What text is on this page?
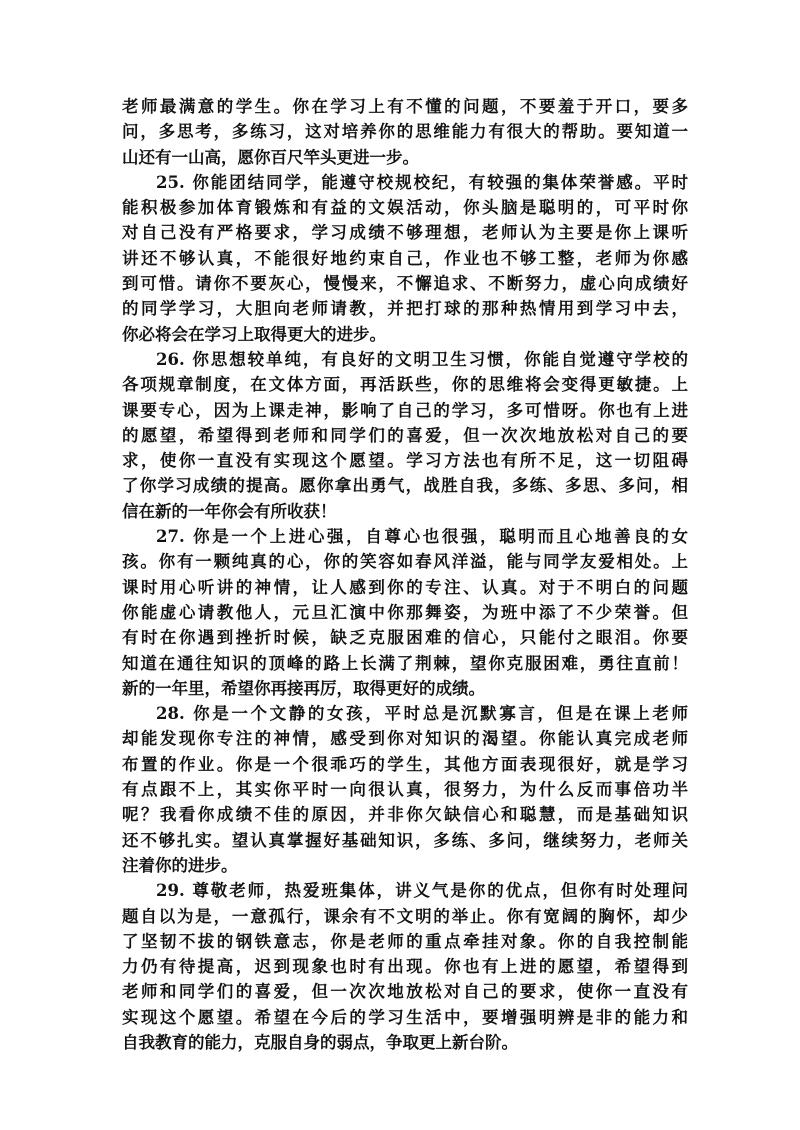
老师最满意的学生。你在学习上有不懂的问题，不要羞于开口，要多
问，多思考，多练习，这对培养你的思维能力有很大的帮助。要知道一
山还有一山高，愿你百尺竿头更进一步。
25. 你能团结同学，能遵守校规校纪，有较强的集体荣誉感。平时
能积极参加体育锻炼和有益的文娱活动，你头脑是聪明的，可平时你
对自己没有严格要求，学习成绩不够理想，老师认为主要是你上课听
讲还不够认真，不能很好地约束自己，作业也不够工整，老师为你感
到可惜。请你不要灰心，慢慢来，不懈追求、不断努力，虚心向成绩好
的同学学习，大胆向老师请教，并把打球的那种热情用到学习中去，
你必将会在学习上取得更大的进步。
26. 你思想较单纯，有良好的文明卫生习惯，你能自觉遵守学校的
各项规章制度，在文体方面，再活跃些，你的思维将会变得更敏捷。上
课要专心，因为上课走神，影响了自己的学习，多可惜呀。你也有上进
的愿望，希望得到老师和同学们的喜爱，但一次次地放松对自己的要
求，使你一直没有实现这个愿望。学习方法也有所不足，这一切阻碍
了你学习成绩的提高。愿你拿出勇气，战胜自我，多练、多思、多问，相
信在新的一年你会有所收获！
27. 你是一个上进心强，自尊心也很强，聪明而且心地善良的女
孩。你有一颗纯真的心，你的笑容如春风洋溢，能与同学友爱相处。上
课时用心听讲的神情，让人感到你的专注、认真。对于不明白的问题
你能虚心请教他人，元旦汇演中你那舞姿，为班中添了不少荣誉。但
有时在你遇到挫折时候，缺乏克服困难的信心，只能付之眼泪。你要
知道在通往知识的顶峰的路上长满了荆棘，望你克服困难，勇往直前！
新的一年里，希望你再接再厉，取得更好的成绩。
28. 你是一个文静的女孩，平时总是沉默寡言，但是在课上老师
却能发现你专注的神情，感受到你对知识的渴望。你能认真完成老师
布置的作业。你是一个很乖巧的学生，其他方面表现很好，就是学习
有点跟不上，其实你平时一向很认真，很努力，为什么反而事倍功半
呢？我看你成绩不佳的原因，并非你欠缺信心和聪慧，而是基础知识
还不够扎实。望认真掌握好基础知识，多练、多问，继续努力，老师关
注着你的进步。
29. 尊敬老师，热爱班集体，讲义气是你的优点，但你有时处理问
题自以为是，一意孤行，课余有不文明的举止。你有宽阔的胸怀，却少
了坚韧不拔的钢铁意志，你是老师的重点牵挂对象。你的自我控制能
力仍有待提高，迟到现象也时有出现。你也有上进的愿望，希望得到
老师和同学们的喜爱，但一次次地放松对自己的要求，使你一直没有
实现这个愿望。希望在今后的学习生活中，要增强明辨是非的能力和
自我教育的能力，克服自身的弱点，争取更上新台阶。
